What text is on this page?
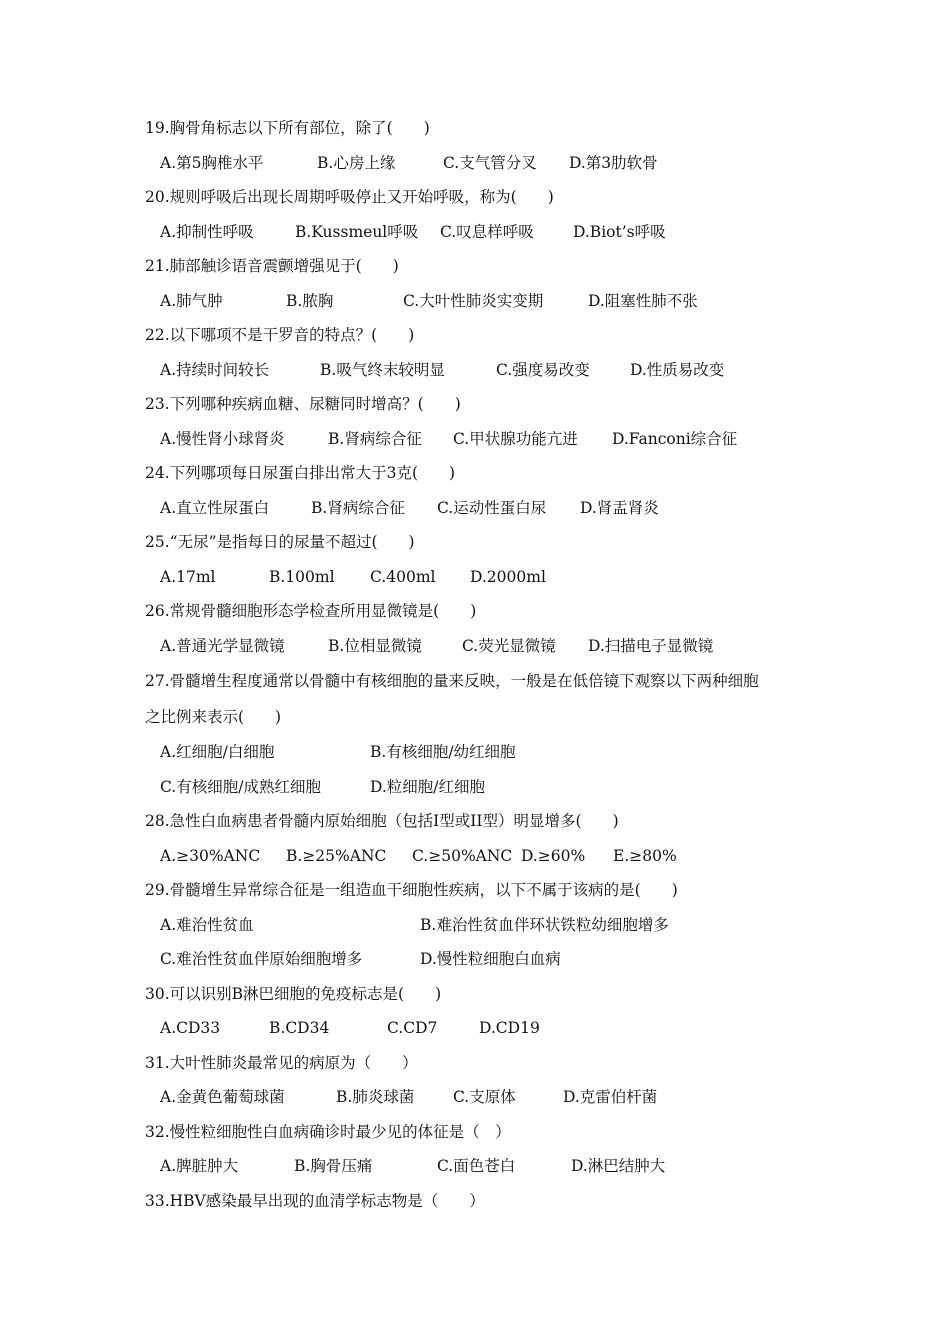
19.胸骨角标志以下所有部位，除了(　　)
A.第5胸椎水平	B.心房上缘	C.支气管分叉 D.第3肋软骨
20.规则呼吸后出现长周期呼吸停止又开始呼吸，称为(　　)
A.抑制性呼吸	B.Kussmeul呼吸 C.叹息样呼吸	D.Biot’s呼吸
21.肺部触诊语音震颤增强见于(　　)
A.肺气肿	B.脓胸	C.大叶性肺炎实变期	D.阻塞性肺不张
22.以下哪项不是干罗音的特点？(　　)
A.持续时间较长	B.吸气终末较明显	C.强度易改变	D.性质易改变
23.下列哪种疾病血糖、尿糖同时增高？(　　)
A.慢性肾小球肾炎	B.肾病综合征 C.甲状腺功能亢进 D.Fanconi综合征
24.下列哪项每日尿蛋白排出常大于3克(　　)
A.直立性尿蛋白	B.肾病综合征 C.运动性蛋白尿 D.肾盂肾炎
25.“无尿”是指每日的尿量不超过(　　)
A.17ml	B.100ml C.400ml D.2000ml
26.常规骨髓细胞形态学检查所用显微镜是(　　)
A.普通光学显微镜	B.位相显微镜	C.荧光显微镜 D.扫描电子显微镜
27.骨髓增生程度通常以骨髓中有核细胞的量来反映，一般是在低倍镜下观察以下两种细胞
之比例来表示(　　)
A.红细胞/白细胞	B.有核细胞/幼红细胞
C.有核细胞/成熟红细胞	D.粒细胞/红细胞
28.急性白血病患者骨髓内原始细胞（包括I型或II型）明显增多(　　)
A.≥30%ANC B.≥25%ANC C.≥50%ANC D.≥60% E.≥80%
29.骨髓增生异常综合征是一组造血干细胞性疾病，以下不属于该病的是(　　)
A.难治性贫血	B.难治性贫血伴环状铁粒幼细胞增多
C.难治性贫血伴原始细胞增多	D.慢性粒细胞白血病
30.可以识别B淋巴细胞的免疫标志是(　　)
A.CD33	B.CD34	C.CD7	D.CD19
31.大叶性肺炎最常见的病原为（　　）
A.金黄色葡萄球菌	B.肺炎球菌 C.支原体	D.克雷伯杆菌
32.慢性粒细胞性白血病确诊时最少见的体征是（　）
A.脾脏肿大	B.胸骨压痛	C.面色苍白	D.淋巴结肿大
33.HBV感染最早出现的血清学标志物是（　　）
